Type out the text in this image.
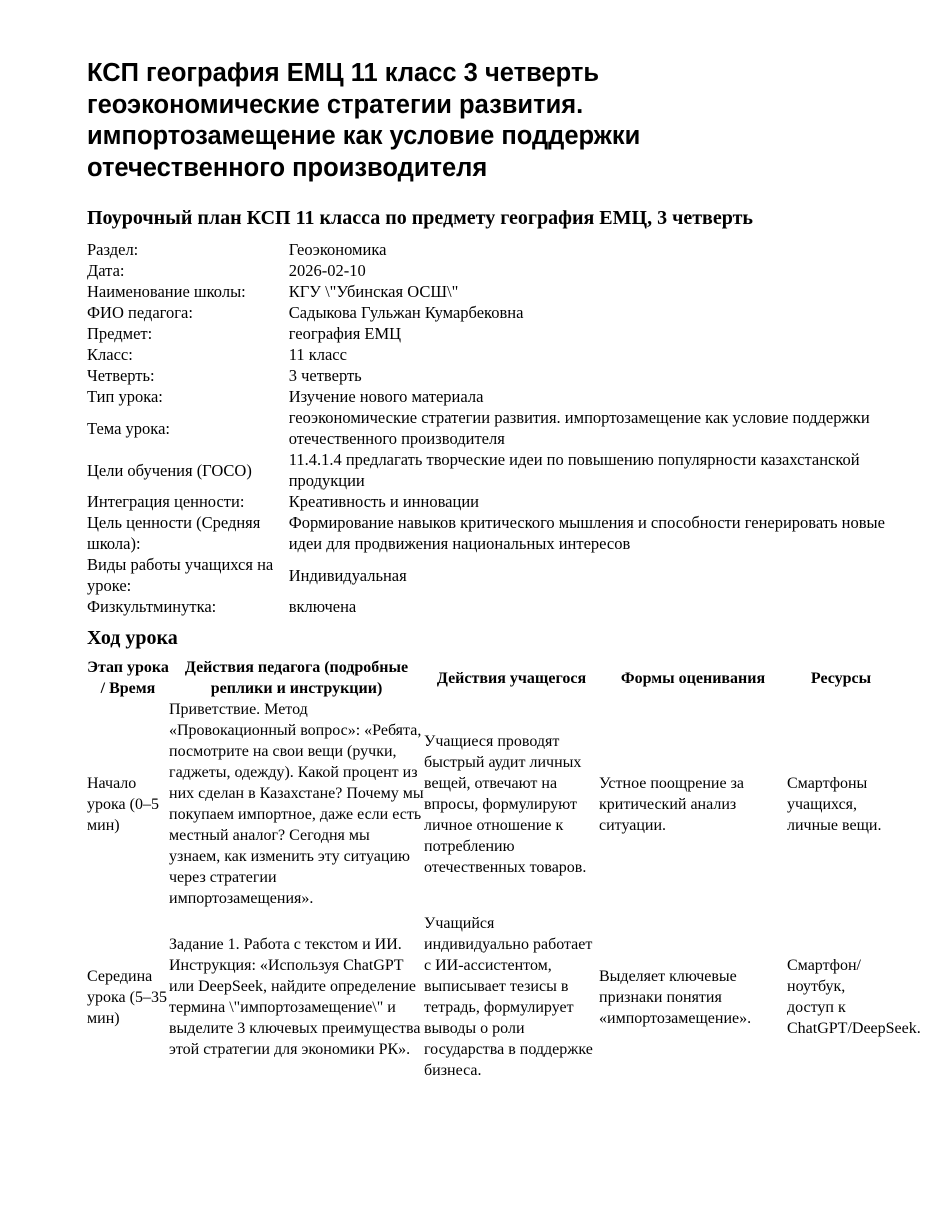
КСП география ЕМЦ 11 класс 3 четверть геоэкономические стратегии развития. импортозамещение как условие поддержки отечественного производителя
Поурочный план КСП 11 класса по предмету география ЕМЦ, 3 четверть
Раздел:	Геоэкономика
Дата:	2026-02-10
Наименование школы:	КГУ \"Убинская ОСШ\"
ФИО педагога:	Садыкова Гульжан Кумарбековна
Предмет:	география ЕМЦ
Класс:	11 класс
Четверть:	3 четверть
Тип урока:	Изучение нового материала
Тема урока:	геоэкономические стратегии развития. импортозамещение как условие поддержки отечественного производителя
Цели обучения (ГОСО)	11.4.1.4 предлагать творческие идеи по повышению популярности казахстанской продукции
Интеграция ценности:	Креативность и инновации
Цель ценности (Средняя школа):	Формирование навыков критического мышления и способности генерировать новые идеи для продвижения национальных интересов
Виды работы учащихся на уроке:	Индивидуальная
Физкультминутка:	включена
Ход урока
Этап урока / Время	Действия педагога (подробные реплики и инструкции)	Действия учащегося	Формы оценивания	Ресурсы
Начало урока (0–5 мин)	Приветствие. Метод «Провокационный вопрос»: «Ребята, посмотрите на свои вещи (ручки, гаджеты, одежду). Какой процент из них сделан в Казахстане? Почему мы покупаем импортное, даже если есть местный аналог? Сегодня мы узнаем, как изменить эту ситуацию через стратегии импортозамещения».	Учащиеся проводят быстрый аудит личных вещей, отвечают на впросы, формулируют личное отношение к потреблению отечественных товаров.	Устное поощрение за критический анализ ситуации.	Смартфоны учащихся, личные вещи.
Середина урока (5–35 мин)	Задание 1. Работа с текстом и ИИ. Инструкция: «Используя ChatGPT или DeepSeek, найдите определение термина \"импортозамещение\" и выделите 3 ключевых преимущества этой стратегии для экономики РК».	Учащийся индивидуально работает с ИИ-ассистентом, выписывает тезисы в тетрадь, формулирует выводы о роли государства в поддержке бизнеса.	Выделяет ключевые признаки понятия «импортозамещение».	Смартфон/ноутбук, доступ к ChatGPT/DeepSeek.
